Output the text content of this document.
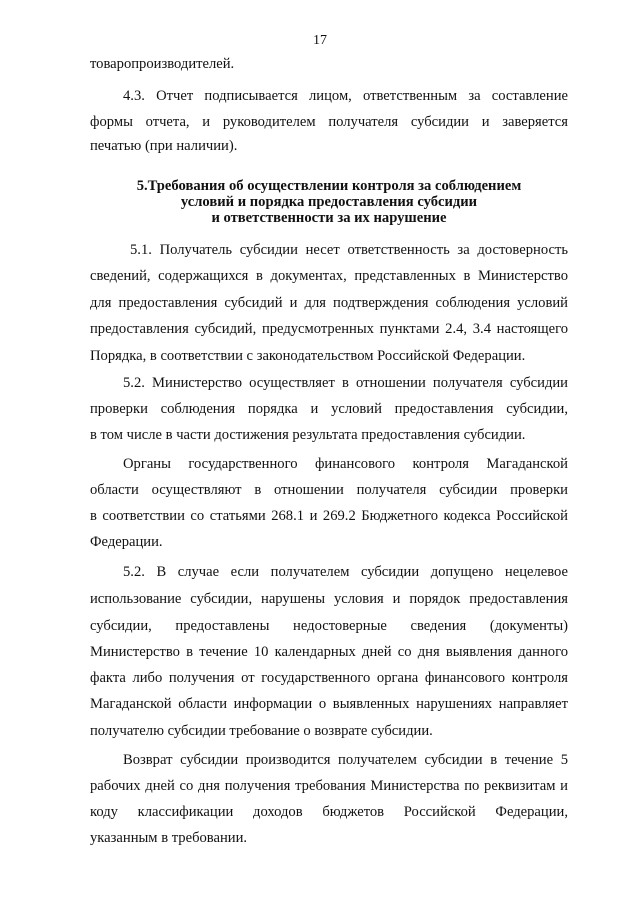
17
товаропроизводителей.
4.3. Отчет подписывается лицом, ответственным за составление
формы отчета, и руководителем получателя субсидии и заверяется
печатью (при наличии).
5.Требования об осуществлении контроля за соблюдением
условий и порядка предоставления субсидии
и ответственности за их нарушение
5.1. Получатель субсидии несет ответственность за достоверность
сведений, содержащихся в документах, представленных в Министерство
для предоставления субсидий и для подтверждения соблюдения условий
предоставления субсидий, предусмотренных пунктами 2.4, 3.4 настоящего
Порядка, в соответствии с законодательством Российской Федерации.
5.2. Министерство осуществляет в отношении получателя субсидии
проверки соблюдения порядка и условий предоставления субсидии,
в том числе в части достижения результата предоставления субсидии.
Органы государственного финансового контроля Магаданской
области осуществляют в отношении получателя субсидии проверки
в соответствии со статьями 268.1 и 269.2 Бюджетного кодекса Российской
Федерации.
5.2. В случае если получателем субсидии допущено нецелевое
использование субсидии, нарушены условия и порядок предоставления
субсидии, предоставлены недостоверные сведения (документы)
Министерство в течение 10 календарных дней со дня выявления данного
факта либо получения от государственного органа финансового контроля
Магаданской области информации о выявленных нарушениях направляет
получателю субсидии требование о возврате субсидии.
Возврат субсидии производится получателем субсидии в течение 5
рабочих дней со дня получения требования Министерства по реквизитам и
коду классификации доходов бюджетов Российской Федерации,
указанным в требовании.
